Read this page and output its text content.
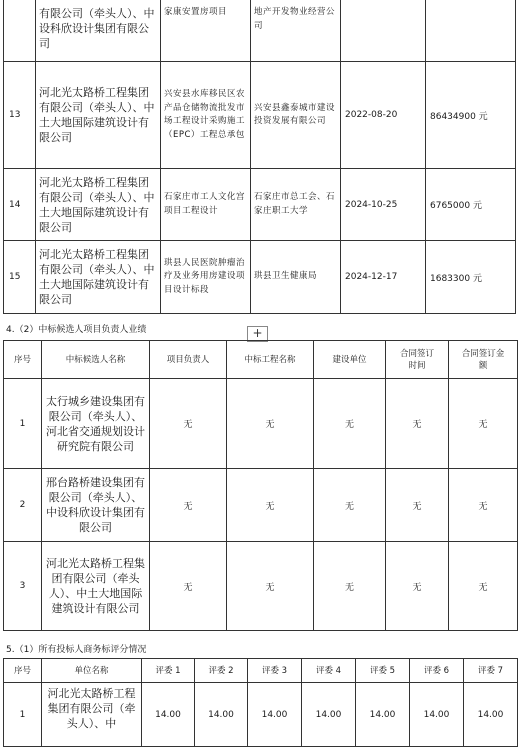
	有限公司（牵头人）、中设科欣设计集团有限公司	家康安置房项目	地产开发物业经营公司		
13	河北光太路桥工程集团有限公司（牵头人）、中土大地国际建筑设计有限公司	兴安县水库移民区农产品仓储物流批发市场工程设计采购施工（EPC）工程总承包	兴安县鑫泰城市建设投资发展有限公司	2022-08-20	86434900 元
14	河北光太路桥工程集团有限公司（牵头人）、中土大地国际建筑设计有限公司	石家庄市工人文化宫项目工程设计	石家庄市总工会、石家庄职工大学	2024-10-25	6765000 元
15	河北光太路桥工程集团有限公司（牵头人）、中土大地国际建筑设计有限公司	珙县人民医院肿瘤治疗及业务用房建设项目设计标段	珙县卫生健康局	2024-12-17	1683300 元
4.（2）中标候选人项目负责人业绩	+
序号	中标候选人名称	项目负责人	中标工程名称	建设单位	合同签订时间	合同签订金额
1	太行城乡建设集团有限公司（牵头人）、河北省交通规划设计研究院有限公司	无	无	无	无	无
2	邢台路桥建设集团有限公司（牵头人）、中设科欣设计集团有限公司	无	无	无	无	无
3	河北光太路桥工程集团有限公司（牵头人）、中土大地国际建筑设计有限公司	无	无	无	无	无
5.（1）所有投标人商务标评分情况
序号	单位名称	评委 1	评委 2	评委 3	评委 4	评委 5	评委 6	评委 7
1	河北光太路桥工程集团有限公司（牵头人）、中	14.00	14.00	14.00	14.00	14.00	14.00	14.00
